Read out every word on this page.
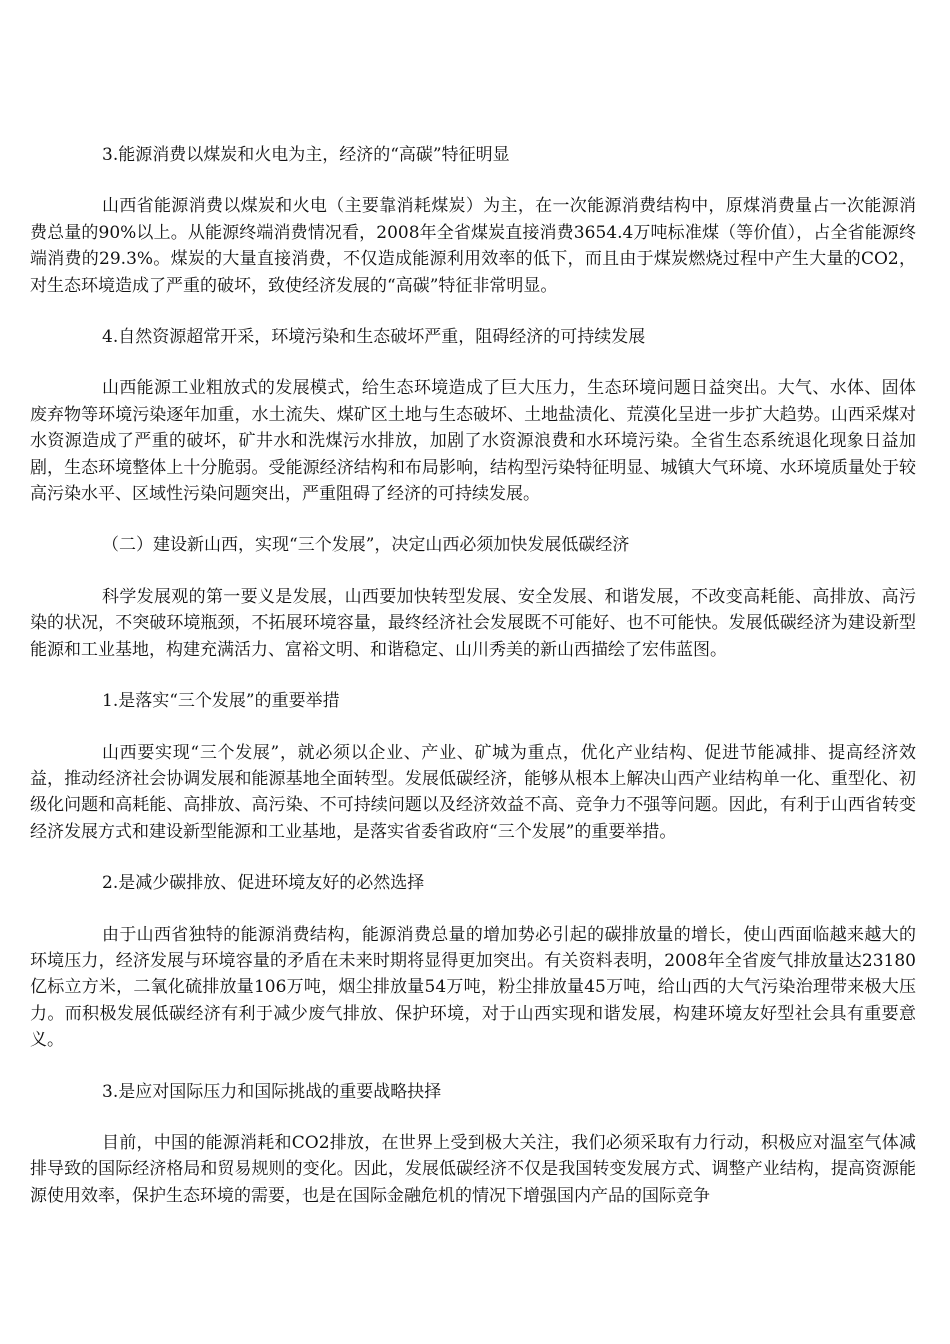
3.能源消费以煤炭和火电为主，经济的“高碳”特征明显

山西省能源消费以煤炭和火电（主要靠消耗煤炭）为主，在一次能源消费结构中，原煤消费量占一次能源消费总量的90%以上。从能源终端消费情况看，2008年全省煤炭直接消费3654.4万吨标准煤（等价值），占全省能源终端消费的29.3%。煤炭的大量直接消费，不仅造成能源利用效率的低下，而且由于煤炭燃烧过程中产生大量的CO2，对生态环境造成了严重的破坏，致使经济发展的“高碳”特征非常明显。

4.自然资源超常开采，环境污染和生态破坏严重，阻碍经济的可持续发展

山西能源工业粗放式的发展模式，给生态环境造成了巨大压力，生态环境问题日益突出。大气、水体、固体废弃物等环境污染逐年加重，水土流失、煤矿区土地与生态破坏、土地盐渍化、荒漠化呈进一步扩大趋势。山西采煤对水资源造成了严重的破坏，矿井水和洗煤污水排放，加剧了水资源浪费和水环境污染。全省生态系统退化现象日益加剧，生态环境整体上十分脆弱。受能源经济结构和布局影响，结构型污染特征明显、城镇大气环境、水环境质量处于较高污染水平、区域性污染问题突出，严重阻碍了经济的可持续发展。

（二）建设新山西，实现“三个发展”，决定山西必须加快发展低碳经济

科学发展观的第一要义是发展，山西要加快转型发展、安全发展、和谐发展，不改变高耗能、高排放、高污染的状况，不突破环境瓶颈，不拓展环境容量，最终经济社会发展既不可能好、也不可能快。发展低碳经济为建设新型能源和工业基地，构建充满活力、富裕文明、和谐稳定、山川秀美的新山西描绘了宏伟蓝图。

1.是落实“三个发展”的重要举措

山西要实现“三个发展”，就必须以企业、产业、矿城为重点，优化产业结构、促进节能减排、提高经济效益，推动经济社会协调发展和能源基地全面转型。发展低碳经济，能够从根本上解决山西产业结构单一化、重型化、初级化问题和高耗能、高排放、高污染、不可持续问题以及经济效益不高、竞争力不强等问题。因此，有利于山西省转变经济发展方式和建设新型能源和工业基地，是落实省委省政府“三个发展”的重要举措。

2.是减少碳排放、促进环境友好的必然选择

由于山西省独特的能源消费结构，能源消费总量的增加势必引起的碳排放量的增长，使山西面临越来越大的环境压力，经济发展与环境容量的矛盾在未来时期将显得更加突出。有关资料表明，2008年全省废气排放量达23180亿标立方米，二氧化硫排放量106万吨，烟尘排放量54万吨，粉尘排放量45万吨，给山西的大气污染治理带来极大压力。而积极发展低碳经济有利于减少废气排放、保护环境，对于山西实现和谐发展，构建环境友好型社会具有重要意义。

3.是应对国际压力和国际挑战的重要战略抉择

目前，中国的能源消耗和CO2排放，在世界上受到极大关注，我们必须采取有力行动，积极应对温室气体减排导致的国际经济格局和贸易规则的变化。因此，发展低碳经济不仅是我国转变发展方式、调整产业结构，提高资源能源使用效率，保护生态环境的需要，也是在国际金融危机的情况下增强国内产品的国际竞争
